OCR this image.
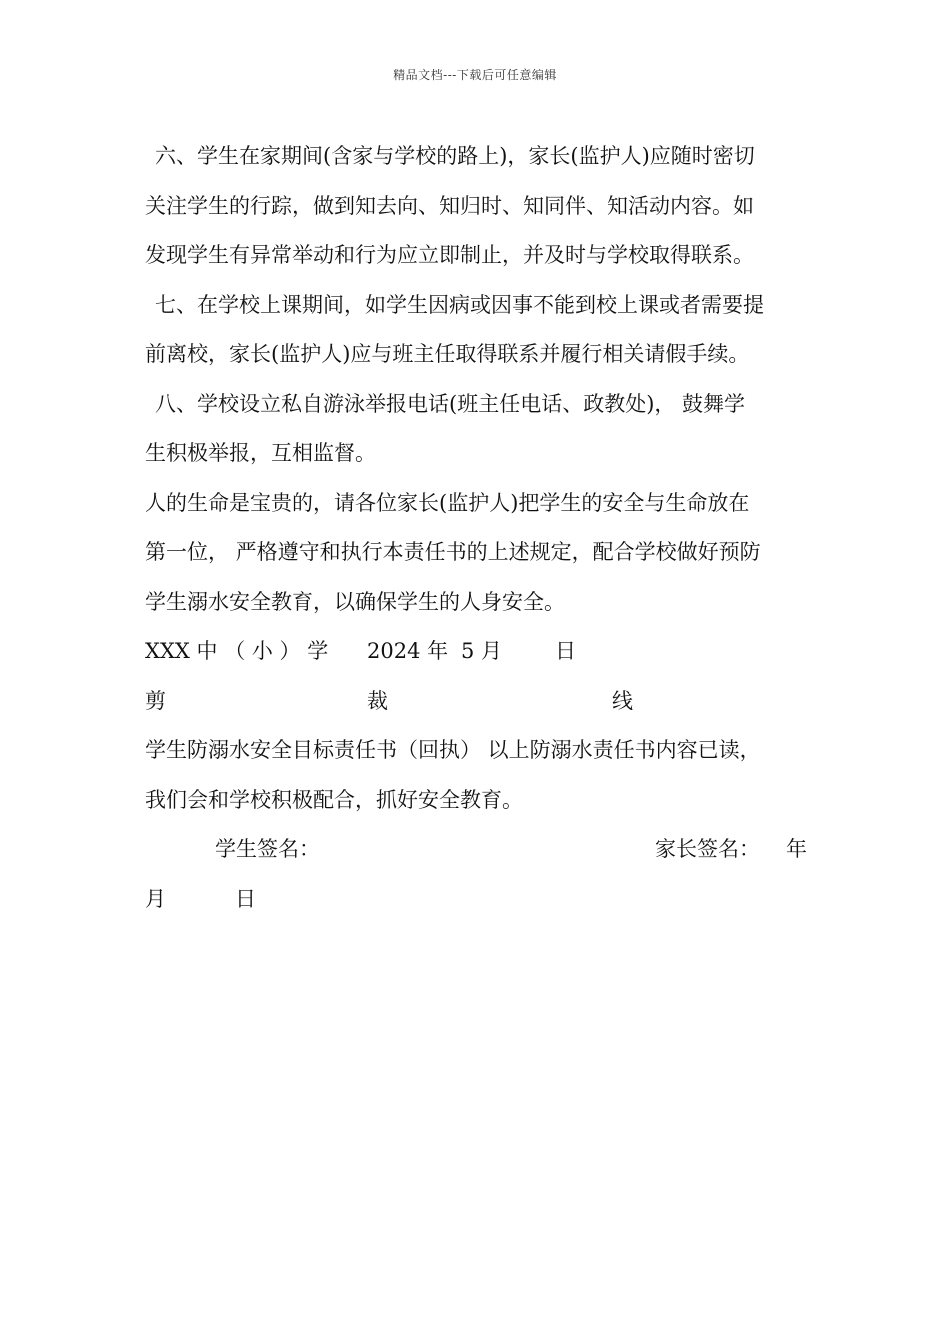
精品文档---下载后可任意编辑
六、学生在家期间(含家与学校的路上)，家长(监护人)应随时密切
关注学生的行踪，做到知去向、知归时、知同伴、知活动内容。如
发现学生有异常举动和行为应立即制止，并及时与学校取得联系。
七、在学校上课期间，如学生因病或因事不能到校上课或者需要提
前离校，家长(监护人)应与班主任取得联系并履行相关请假手续。
八、学校设立私自游泳举报电话(班主任电话、政教处)， 鼓舞学
生积极举报，互相监督。
人的生命是宝贵的，请各位家长(监护人)把学生的安全与生命放在
第一位， 严格遵守和执行本责任书的上述规定，配合学校做好预防
学生溺水安全教育，以确保学生的人身安全。
XXX 中 （ 小 ） 学 2024 年 5 月	日
剪	裁	线
学生防溺水安全目标责任书（回执） 以上防溺水责任书内容已读，
我们会和学校积极配合，抓好安全教育。
学生签名：	家长签名： 年
月	日
